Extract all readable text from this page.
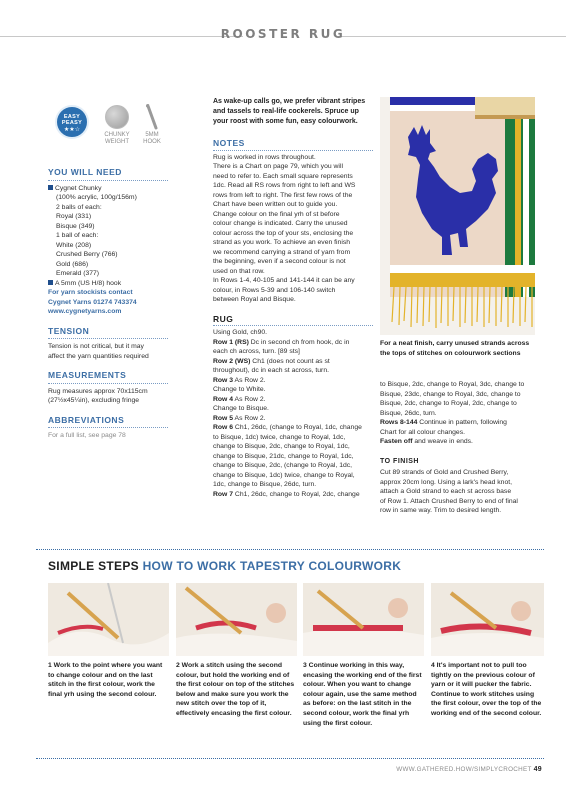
ROOSTER RUG
EASY
PEASY
★★☆
CHUNKY
WEIGHT
5MM
HOOK
YOU WILL NEED
Cygnet Chunky
(100% acrylic, 100g/156m)
2 balls of each:
Royal (331)
Bisque (349)
1 ball of each:
White (208)
Crushed Berry (766)
Gold (686)
Emerald (377)
A 5mm (US H/8) hook
For yarn stockists contact
Cygnet Yarns 01274 743374
www.cygnetyarns.com
TENSION
Tension is not critical, but it may
affect the yarn quantities required
MEASUREMENTS
Rug measures approx 70x115cm
(27½x45¼in), excluding fringe
ABBREVIATIONS
For a full list, see page 78
As wake-up calls go, we prefer vibrant stripes
and tassels to real-life cockerels. Spruce up
your roost with some fun, easy colourwork.
NOTES
Rug is worked in rows throughout.
There is a Chart on page 79, which you will
need to refer to. Each small square represents
1dc. Read all RS rows from right to left and WS
rows from left to right. The first few rows of the
Chart have been written out to guide you.
Change colour on the final yrh of st before
colour change is indicated. Carry the unused
colour across the top of your sts, enclosing the
strand as you work. To achieve an even finish
we recommend carrying a strand of yarn from
the beginning, even if a second colour is not
used on that row.
In Rows 1-4, 40-105 and 141-144 it can be any
colour, in Rows 5-39 and 106-140 switch
between Royal and Bisque.
RUG
Using Gold, ch90.
Row 1 (RS) Dc in second ch from hook, dc in
each ch across, turn. [89 sts]
Row 2 (WS) Ch1 (does not count as st
throughout), dc in each st across, turn.
Row 3 As Row 2.
Change to White.
Row 4 As Row 2.
Change to Bisque.
Row 5 As Row 2.
Row 6 Ch1, 26dc, (change to Royal, 1dc, change
to Bisque, 1dc) twice, change to Royal, 1dc,
change to Bisque, 2dc, change to Royal, 1dc,
change to Bisque, 21dc, change to Royal, 1dc,
change to Bisque, 2dc, (change to Royal, 1dc,
change to Bisque, 1dc) twice, change to Royal,
1dc, change to Bisque, 26dc, turn.
Row 7 Ch1, 26dc, change to Royal, 2dc, change
For a neat finish, carry unused strands across the tops of stitches on colourwork sections
to Bisque, 2dc, change to Royal, 3dc, change to
Bisque, 23dc, change to Royal, 3dc, change to
Bisque, 2dc, change to Royal, 2dc, change to
Bisque, 26dc, turn.
Rows 8-144 Continue in pattern, following
Chart for all colour changes.
Fasten off and weave in ends.
TO FINISH
Cut 89 strands of Gold and Crushed Berry,
approx 20cm long. Using a lark's head knot,
attach a Gold strand to each st across base
of Row 1. Attach Crushed Berry to end of final
row in same way. Trim to desired length.
SIMPLE STEPS HOW TO WORK TAPESTRY COLOURWORK
1 Work to the point where you want to change colour and on the last stitch in the first colour, work the final yrh using the second colour.
2 Work a stitch using the second colour, but hold the working end of the first colour on top of the stitches below and make sure you work the new stitch over the top of it, effectively encasing the first colour.
3 Continue working in this way, encasing the working end of the first colour. When you want to change colour again, use the same method as before: on the last stitch in the second colour, work the final yrh using the first colour.
4 It's important not to pull too tightly on the previous colour of yarn or it will pucker the fabric. Continue to work stitches using the first colour, over the top of the working end of the second colour.
WWW.GATHERED.HOW/SIMPLYCROCHET 49
